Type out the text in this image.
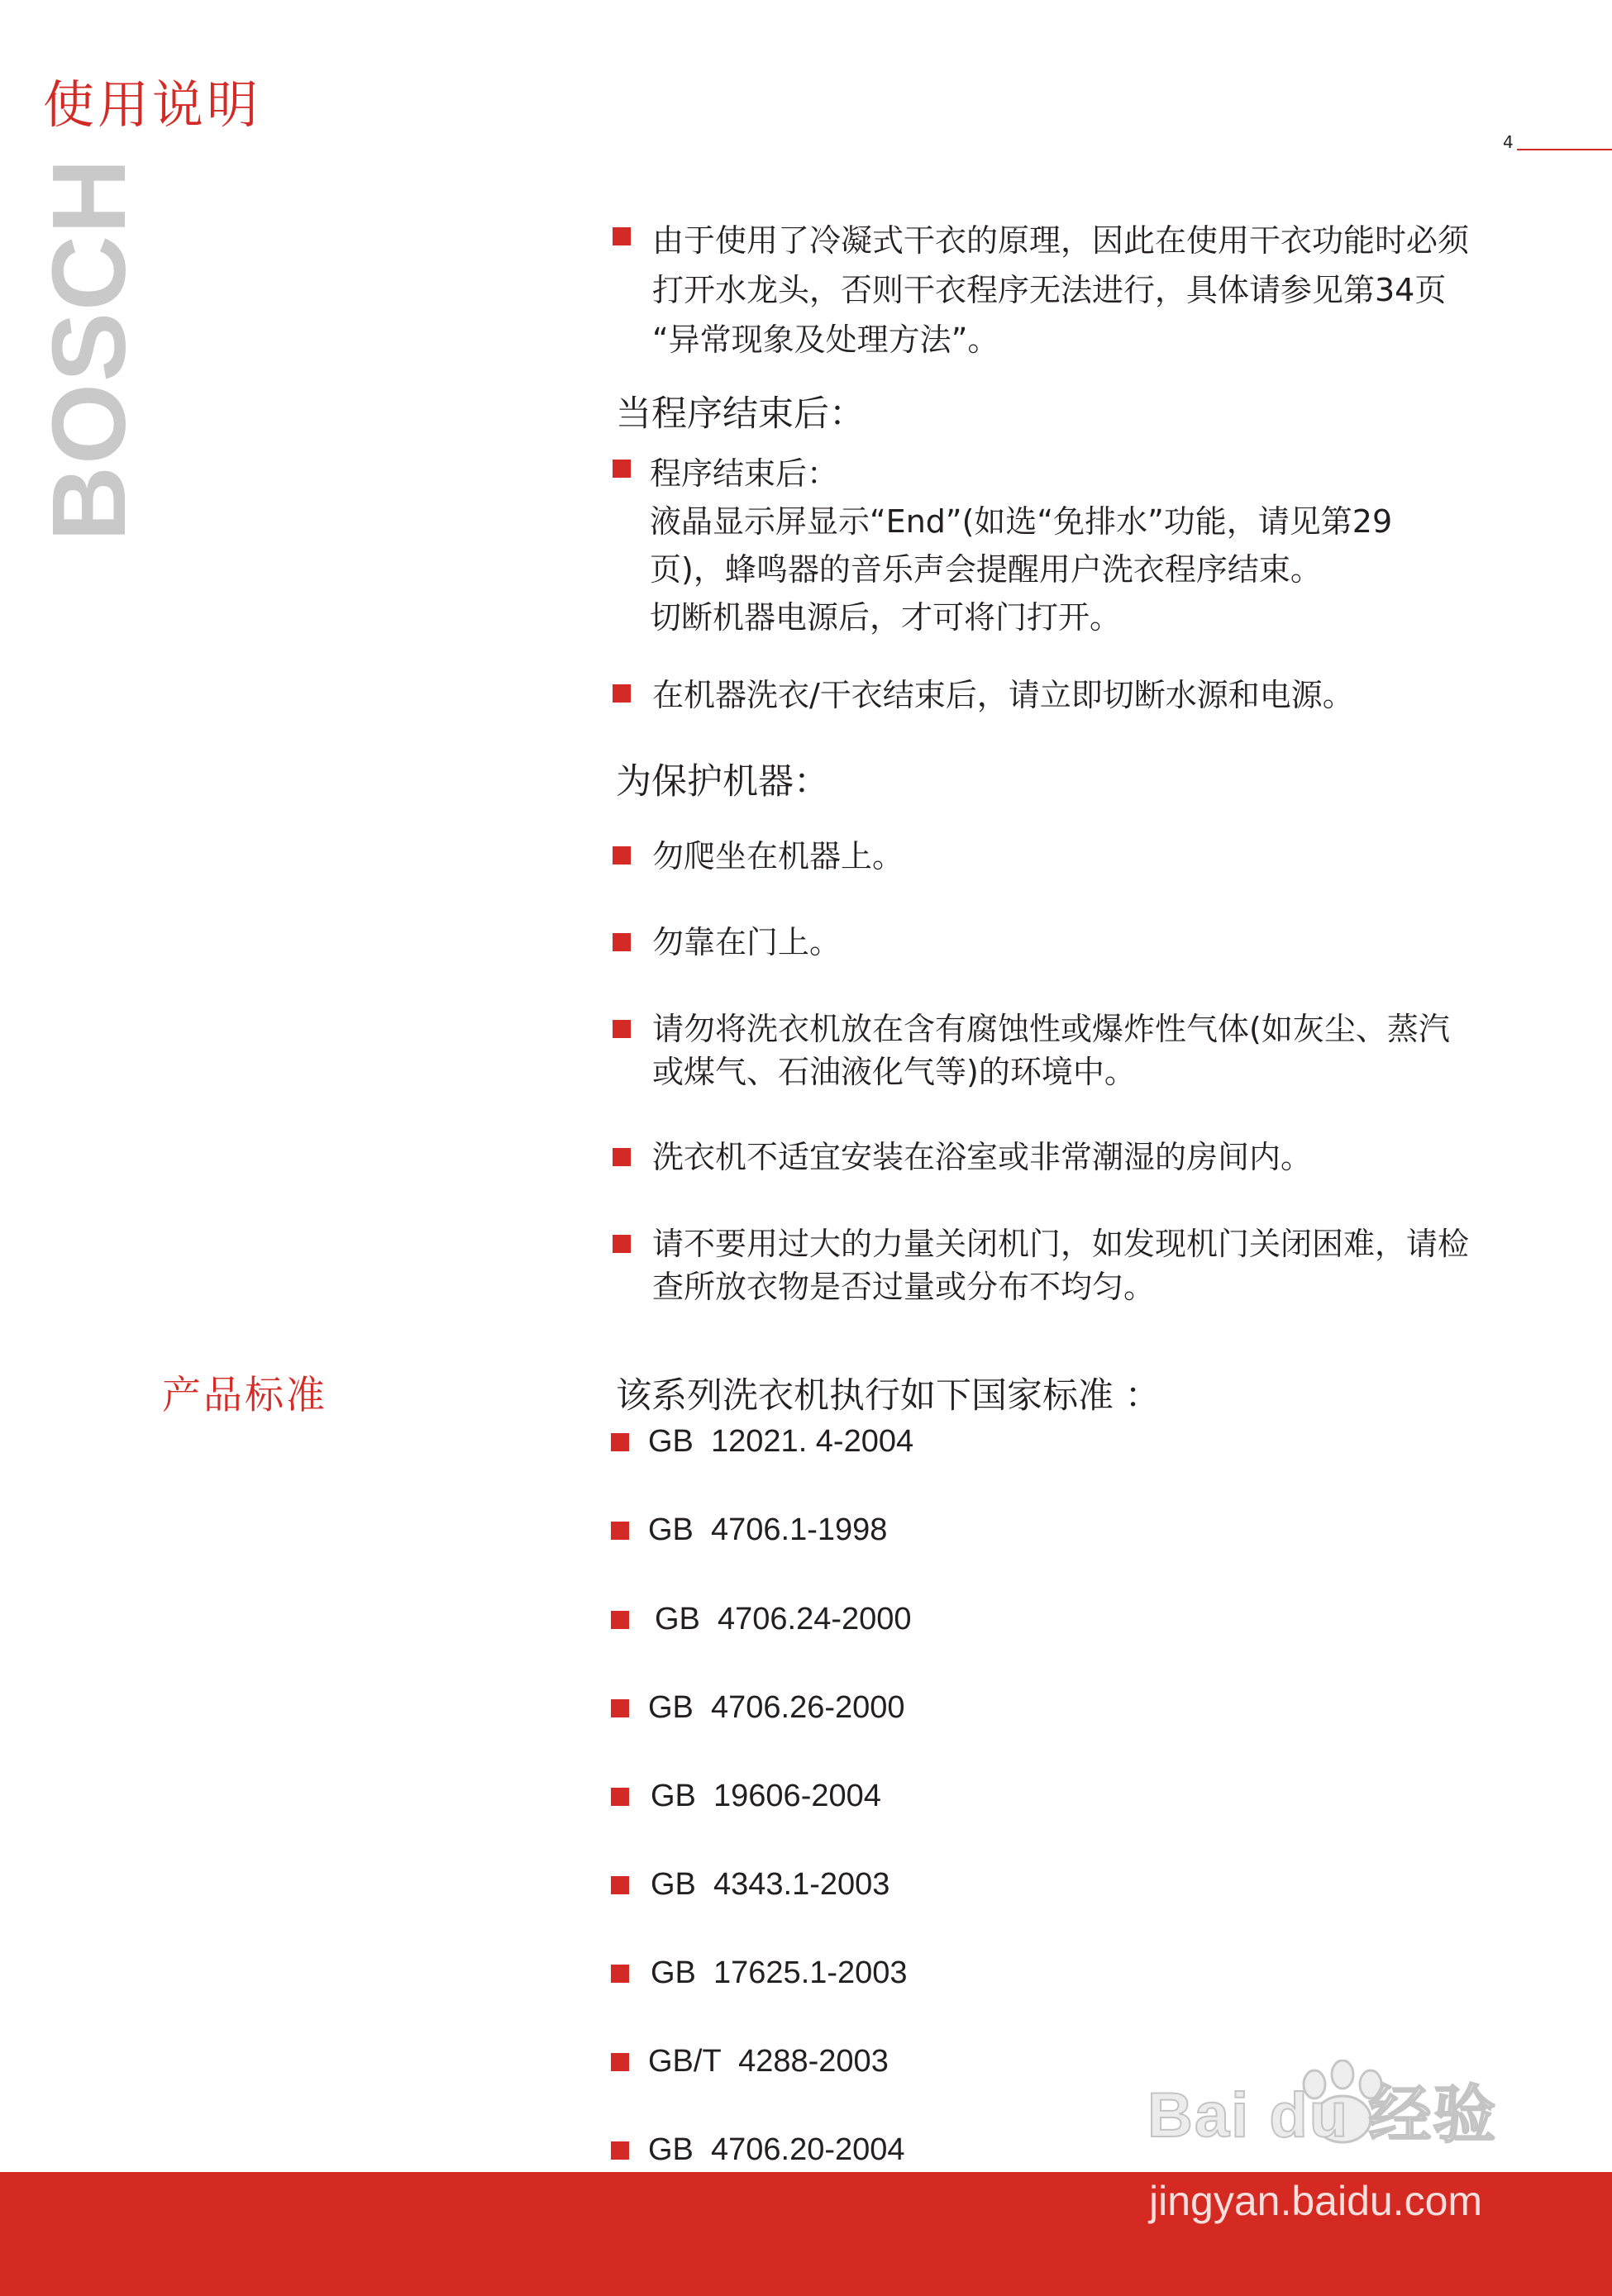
使用说明
4
BOSCH	由于使用了冷凝式干衣的原理，因此在使用干衣功能时必须
打开水龙头，否则干衣程序无法进行，具体请参见第34页
“异常现象及处理方法”。
当程序结束后：
程序结束后：
液晶显示屏显示“End”(如选“免排水”功能，请见第29
页)，蜂鸣器的音乐声会提醒用户洗衣程序结束。
切断机器电源后，才可将门打开。
在机器洗衣/干衣结束后，请立即切断水源和电源。
为保护机器：
勿爬坐在机器上。
勿靠在门上。
请勿将洗衣机放在含有腐蚀性或爆炸性气体(如灰尘、蒸汽
或煤气、石油液化气等)的环境中。
洗衣机不适宜安装在浴室或非常潮湿的房间内。
请不要用过大的力量关闭机门，如发现机门关闭困难，请检
查所放衣物是否过量或分布不均匀。
产品标准	该系列洗衣机执行如下国家标准 ：
GB  12021. 4-2004
GB  4706.1-1998
GB  4706.24-2000
GB  4706.26-2000
GB  19606-2004
GB  4343.1-2003
GB  17625.1-2003
GB/T  4288-2003
GB  4706.20-2004	Bai du 经验
jingyan.baidu.com
